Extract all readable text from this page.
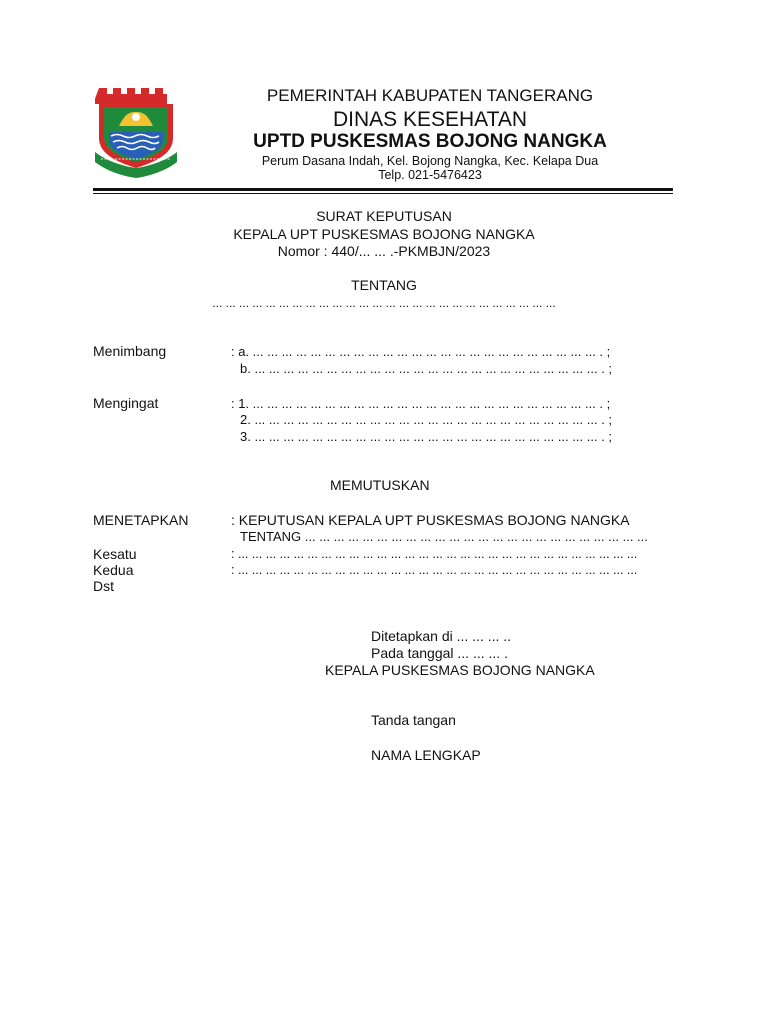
PEMERINTAH KABUPATEN TANGERANG
DINAS KESEHATAN
UPTD PUSKESMAS BOJONG NANGKA
Perum Dasana Indah, Kel. Bojong Nangka, Kec. Kelapa Dua
Telp. 021-5476423
SURAT KEPUTUSAN
KEPALA UPT PUSKESMAS BOJONG NANGKA
Nomor : 440/... ... .-PKMBJN/2023
TENTANG
... ... ... ... ... ... ... ... ... ... ... ... ... ... ... ... ... ... ... ... ... ... ... ... ... ...
Menimbang	: a. ... ... ... ... ... ... ... ... ... ... ... ... ... ... ... ... ... ... ... ... ... ... ... ... . ;
b. ... ... ... ... ... ... ... ... ... ... ... ... ... ... ... ... ... ... ... ... ... ... ... ... . ;
Mengingat	: 1. ... ... ... ... ... ... ... ... ... ... ... ... ... ... ... ... ... ... ... ... ... ... ... ... . ;
2. ... ... ... ... ... ... ... ... ... ... ... ... ... ... ... ... ... ... ... ... ... ... ... ... . ;
3. ... ... ... ... ... ... ... ... ... ... ... ... ... ... ... ... ... ... ... ... ... ... ... ... . ;
MEMUTUSKAN
MENETAPKAN	: KEPUTUSAN KEPALA UPT PUSKESMAS BOJONG NANGKA
TENTANG ... ... ... ... ... ... ... ... ... ... ... ... ... ... ... ... ... ... ... ... ... ... ... ...
Kesatu	: ... ... ... ... ... ... ... ... ... ... ... ... ... ... ... ... ... ... ... ... ... ... ... ... ... ... ... ... ...
Kedua	: ... ... ... ... ... ... ... ... ... ... ... ... ... ... ... ... ... ... ... ... ... ... ... ... ... ... ... ... ...
Dst
Ditetapkan di ... ... ... ..
Pada tanggal ... ... ... .
KEPALA PUSKESMAS BOJONG NANGKA
Tanda tangan
NAMA LENGKAP
